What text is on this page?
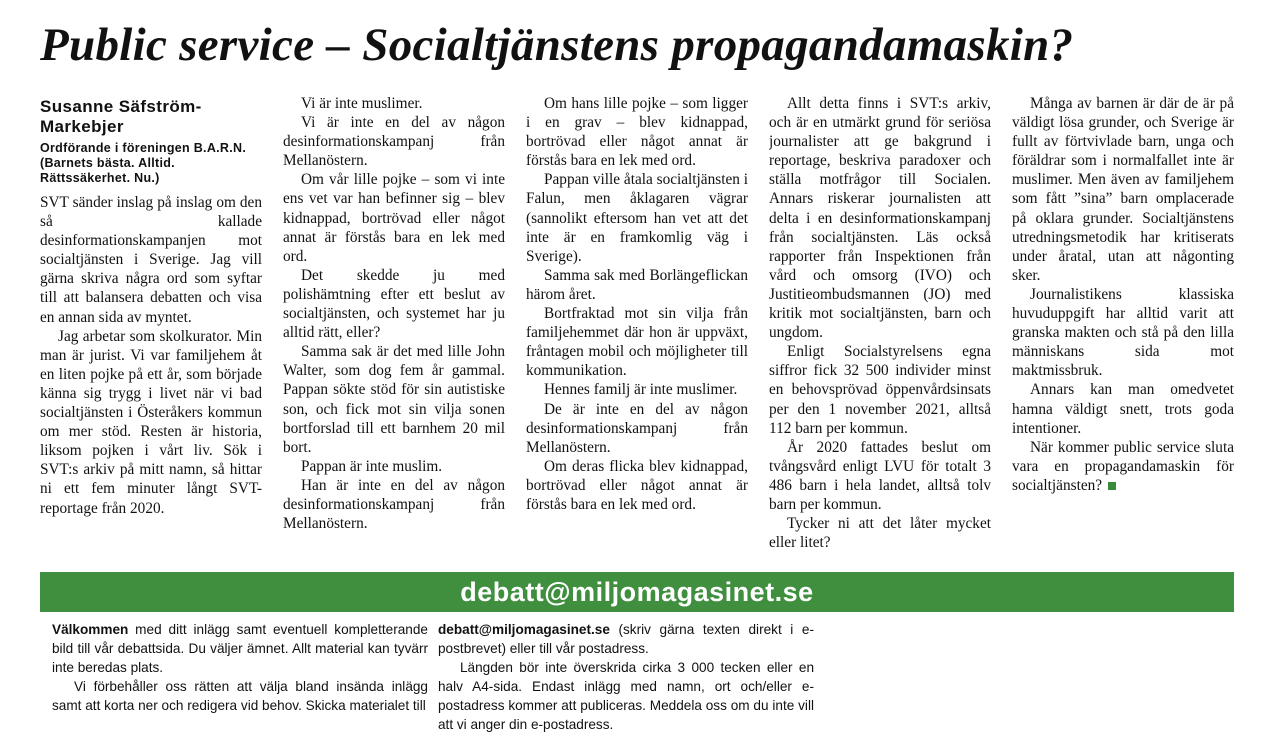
Public service – Socialtjänstens propagandamaskin?
Susanne Säfström-Markebjer
Ordförande i föreningen B.A.R.N. (Barnets bästa. Alltid. Rättssäkerhet. Nu.)

SVT sänder inslag på inslag om den så kallade desinformationskampanjen mot socialtjänsten i Sverige. Jag vill gärna skriva några ord som syftar till att balansera debatten och visa en annan sida av myntet.

Jag arbetar som skolkurator. Min man är jurist. Vi var familjehem åt en liten pojke på ett år, som började känna sig trygg i livet när vi bad socialtjänsten i Österåkers kommun om mer stöd. Resten är historia, liksom pojken i vårt liv. Sök i SVT:s arkiv på mitt namn, så hittar ni ett fem minuter långt SVT-reportage från 2020.

Vi är inte muslimer.

Vi är inte en del av någon desinformationskampanj från Mellanöstern.

Om vår lille pojke – som vi inte ens vet var han befinner sig – blev kidnappad, bortrövad eller något annat är förstås bara en lek med ord.

Det skedde ju med polishämtning efter ett beslut av socialtjänsten, och systemet har ju alltid rätt, eller?

Samma sak är det med lille John Walter, som dog fem år gammal. Pappan sökte stöd för sin autistiske son, och fick mot sin vilja sonen bortforslad till ett barnhem 20 mil bort.

Pappan är inte muslim.

Han är inte en del av någon desinformationskampanj från Mellanöstern.

Om hans lille pojke – som ligger i en grav – blev kidnappad, bortrövad eller något annat är förstås bara en lek med ord.

Pappan ville åtala socialtjänsten i Falun, men åklagaren vägrar (sannolikt eftersom han vet att det inte är en framkomlig väg i Sverige).

Samma sak med Borlängeflickan härom året.

Bortfraktad mot sin vilja från familjehemmet där hon är uppväxt, fråntagen mobil och möjligheter till kommunikation.

Hennes familj är inte muslimer.

De är inte en del av någon desinformationskampanj från Mellanöstern.

Om deras flicka blev kidnappad, bortrövad eller något annat är förstås bara en lek med ord.

Allt detta finns i SVT:s arkiv, och är en utmärkt grund för seriösa journalister att ge bakgrund i reportage, beskriva paradoxer och ställa motfrågor till Socialen. Annars riskerar journalisten att delta i en desinformationskampanj från socialtjänsten. Läs också rapporter från Inspektionen från vård och omsorg (IVO) och Justitieombudsmannen (JO) med kritik mot socialtjänsten, barn och ungdom.

Enligt Socialstyrelsens egna siffror fick 32 500 individer minst en behovsprövad öppenvårdsinsats per den 1 november 2021, alltså 112 barn per kommun.

År 2020 fattades beslut om tvångsvård enligt LVU för totalt 3 486 barn i hela landet, alltså tolv barn per kommun.

Tycker ni att det låter mycket eller litet?

Många av barnen är där de är på väldigt lösa grunder, och Sverige är fullt av förtvivlade barn, unga och föräldrar som i normalfallet inte är muslimer. Men även av familjehem som fått ”sina” barn omplacerade på oklara grunder. Socialtjänstens utredningsmetodik har kritiserats under åratal, utan att någonting sker.

Journalistikens klassiska huvuduppgift har alltid varit att granska makten och stå på den lilla människans sida mot maktmissbruk.

Annars kan man omedvetet hamna väldigt snett, trots goda intentioner.

När kommer public service sluta vara en propagandamaskin för socialtjänsten?

debatt@miljomagasinet.se

Välkommen med ditt inlägg samt eventuell kompletterande bild till vår debattsida. Du väljer ämnet. Allt material kan tyvärr inte beredas plats.

Vi förbehåller oss rätten att välja bland insända inlägg samt att korta ner och redigera vid behov. Skicka materialet till

debatt@miljomagasinet.se (skriv gärna texten direkt i e-postbrevet) eller till vår postadress.

Längden bör inte överskrida cirka 3 000 tecken eller en halv A4-sida. Endast inlägg med namn, ort och/eller e-postadress kommer att publiceras. Meddela oss om du inte vill att vi anger din e-postadress.
